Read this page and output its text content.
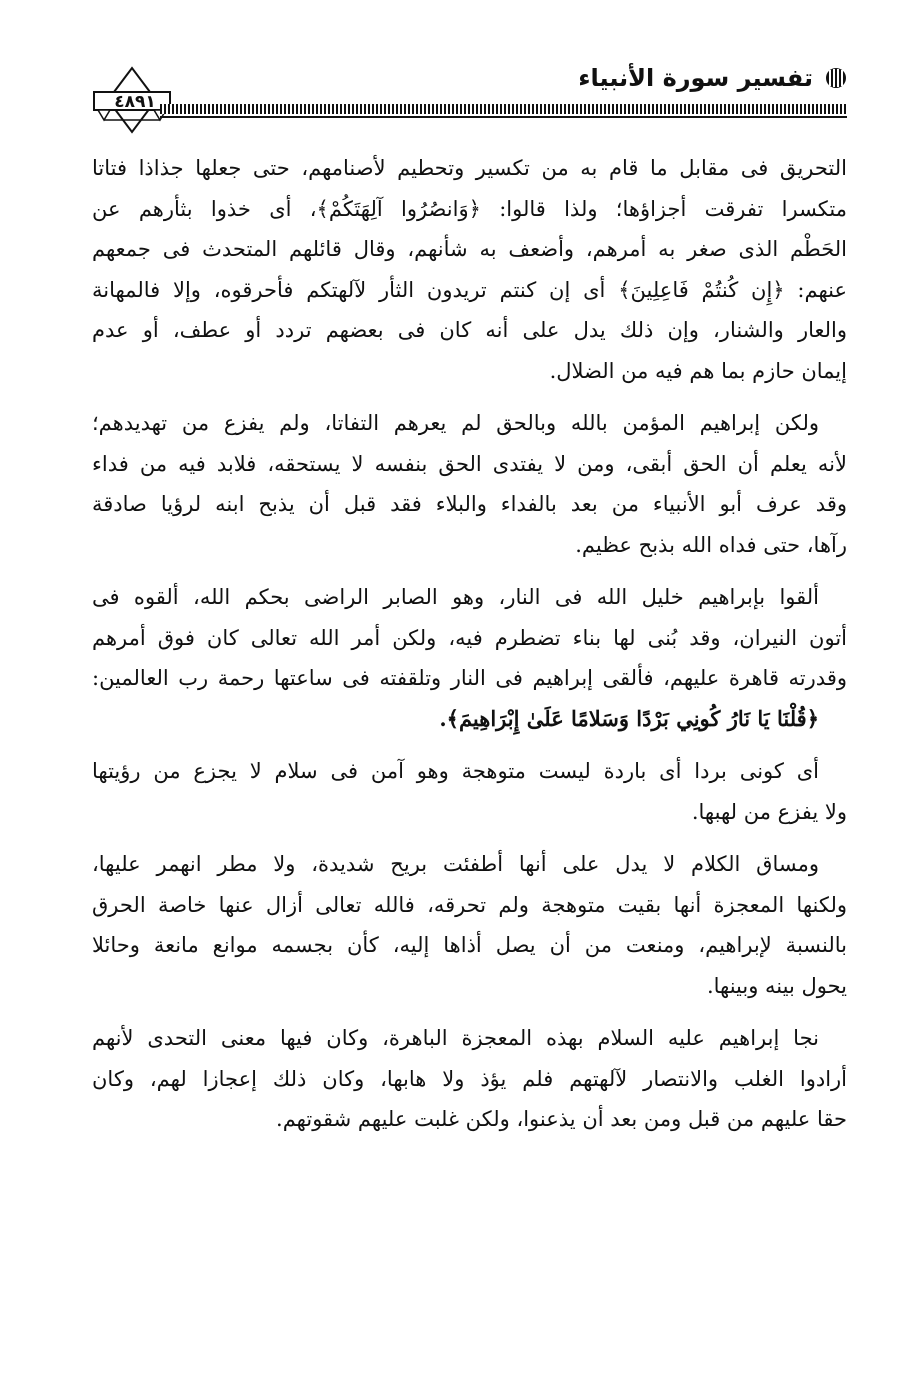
تفسير سورة الأنبياء
٤٨٩١

التحريق فى مقابل ما قام به من تكسير وتحطيم لأصنامهم، حتى جعلها جذاذا فتاتا
متكسرا تفرقت أجزاؤها؛ ولذا قالوا: ﴿وَانصُرُوا آلِهَتَكُمْ﴾، أى خذوا بثأرهم عن
الحَطْم الذى صغر به أمرهم، وأضعف به شأنهم، وقال قائلهم المتحدث فى جمعهم
عنهم: ﴿إِن كُنتُمْ فَاعِلِينَ﴾ أى إن كنتم تريدون الثأر لآلهتكم فأحرقوه، وإلا فالمهانة
والعار والشنار، وإن ذلك يدل على أنه كان فى بعضهم تردد أو عطف، أو عدم
إيمان حازم بما هم فيه من الضلال.

ولكن إبراهيم المؤمن بالله وبالحق لم يعرهم التفاتا، ولم يفزع من تهديدهم؛
لأنه يعلم أن الحق أبقى، ومن لا يفتدى الحق بنفسه لا يستحقه، فلابد فيه من فداء
وقد عرف أبو الأنبياء من بعد بالفداء والبلاء فقد قبل أن يذبح ابنه لرؤيا صادقة
رآها، حتى فداه الله بذبح عظيم.

ألقوا بإبراهيم خليل الله فى النار، وهو الصابر الراضى بحكم الله، ألقوه فى
أتون النيران، وقد بُنى لها بناء تضطرم فيه، ولكن أمر الله تعالى كان فوق أمرهم
وقدرته قاهرة عليهم، فألقى إبراهيم فى النار وتلقفته فى ساعتها رحمة رب العالمين:
﴿قُلْنَا يَا نَارُ كُونِي بَرْدًا وَسَلامًا عَلَىٰ إِبْرَاهِيمَ﴾.

أى كونى بردا أى باردة ليست متوهجة وهو آمن فى سلام لا يجزع من رؤيتها
ولا يفزع من لهبها.

ومساق الكلام لا يدل على أنها أطفئت بريح شديدة، ولا مطر انهمر عليها،
ولكنها المعجزة أنها بقيت متوهجة ولم تحرقه، فالله تعالى أزال عنها خاصة الحرق
بالنسبة لإبراهيم، ومنعت من أن يصل أذاها إليه، كأن بجسمه موانع مانعة وحائلا
يحول بينه وبينها.

نجا إبراهيم عليه السلام بهذه المعجزة الباهرة، وكان فيها معنى التحدى لأنهم
أرادوا الغلب والانتصار لآلهتهم فلم يؤذ ولا هابها، وكان ذلك إعجازا لهم، وكان
حقا عليهم من قبل ومن بعد أن يذعنوا، ولكن غلبت عليهم شقوتهم.
